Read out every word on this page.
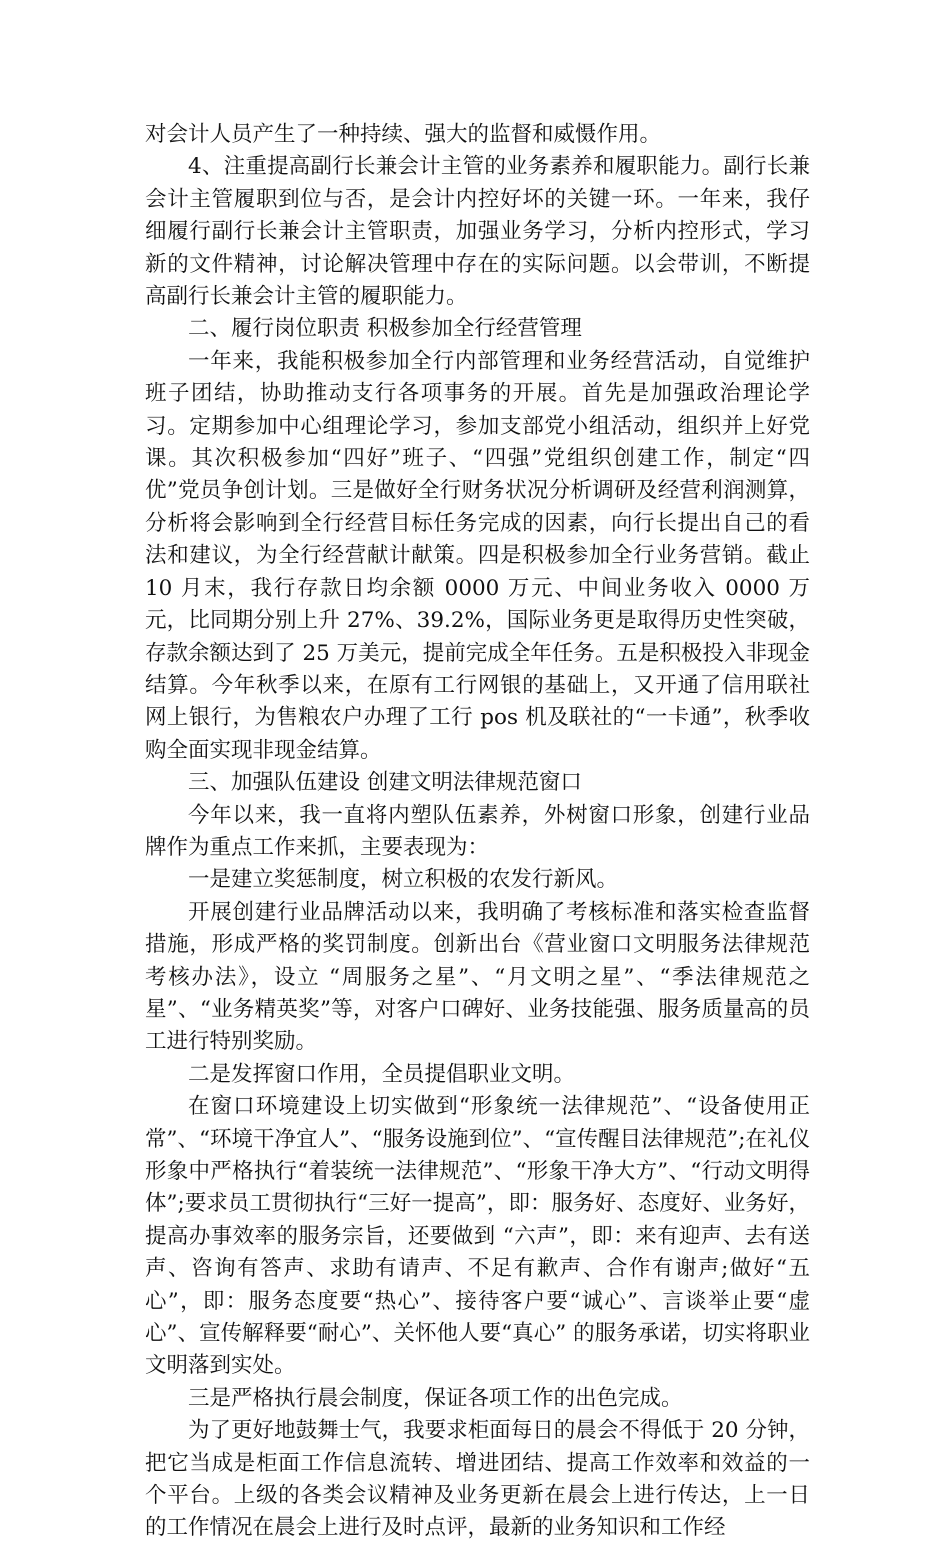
对会计人员产生了一种持续、强大的监督和威慑作用。

4、注重提高副行长兼会计主管的业务素养和履职能力。副行长兼会计主管履职到位与否，是会计内控好坏的关键一环。一年来，我仔细履行副行长兼会计主管职责，加强业务学习，分析内控形式，学习新的文件精神，讨论解决管理中存在的实际问题。以会带训，不断提高副行长兼会计主管的履职能力。

二、履行岗位职责 积极参加全行经营管理

一年来，我能积极参加全行内部管理和业务经营活动，自觉维护班子团结，协助推动支行各项事务的开展。首先是加强政治理论学习。定期参加中心组理论学习，参加支部党小组活动，组织并上好党课。其次积极参加“四好”班子、“四强”党组织创建工作，制定“四优”党员争创计划。三是做好全行财务状况分析调研及经营利润测算，分析将会影响到全行经营目标任务完成的因素，向行长提出自己的看法和建议，为全行经营献计献策。四是积极参加全行业务营销。截止 10 月末，我行存款日均余额 0000 万元、中间业务收入 0000 万元，比同期分别上升 27%、39.2%，国际业务更是取得历史性突破，存款余额达到了 25 万美元，提前完成全年任务。五是积极投入非现金结算。今年秋季以来，在原有工行网银的基础上，又开通了信用联社网上银行，为售粮农户办理了工行 pos 机及联社的“一卡通”，秋季收购全面实现非现金结算。

三、加强队伍建设 创建文明法律规范窗口

今年以来，我一直将内塑队伍素养，外树窗口形象，创建行业品牌作为重点工作来抓，主要表现为：

一是建立奖惩制度，树立积极的农发行新风。

开展创建行业品牌活动以来，我明确了考核标准和落实检查监督措施，形成严格的奖罚制度。创新出台《营业窗口文明服务法律规范考核办法》，设立 “周服务之星”、“月文明之星”、“季法律规范之星”、“业务精英奖”等，对客户口碑好、业务技能强、服务质量高的员工进行特别奖励。

二是发挥窗口作用，全员提倡职业文明。

在窗口环境建设上切实做到“形象统一法律规范”、“设备使用正常”、“环境干净宜人”、“服务设施到位”、“宣传醒目法律规范”;在礼仪形象中严格执行“着装统一法律规范”、“形象干净大方”、“行动文明得体”;要求员工贯彻执行“三好一提高”，即：服务好、态度好、业务好，提高办事效率的服务宗旨，还要做到 “六声”，即：来有迎声、去有送声、咨询有答声、求助有请声、不足有歉声、合作有谢声;做好“五心”，即：服务态度要“热心”、接待客户要“诚心”、言谈举止要“虚心”、宣传解释要“耐心”、关怀他人要“真心” 的服务承诺，切实将职业文明落到实处。

三是严格执行晨会制度，保证各项工作的出色完成。

为了更好地鼓舞士气，我要求柜面每日的晨会不得低于 20 分钟，把它当成是柜面工作信息流转、增进团结、提高工作效率和效益的一个平台。上级的各类会议精神及业务更新在晨会上进行传达，上一日的工作情况在晨会上进行及时点评，最新的业务知识和工作经
